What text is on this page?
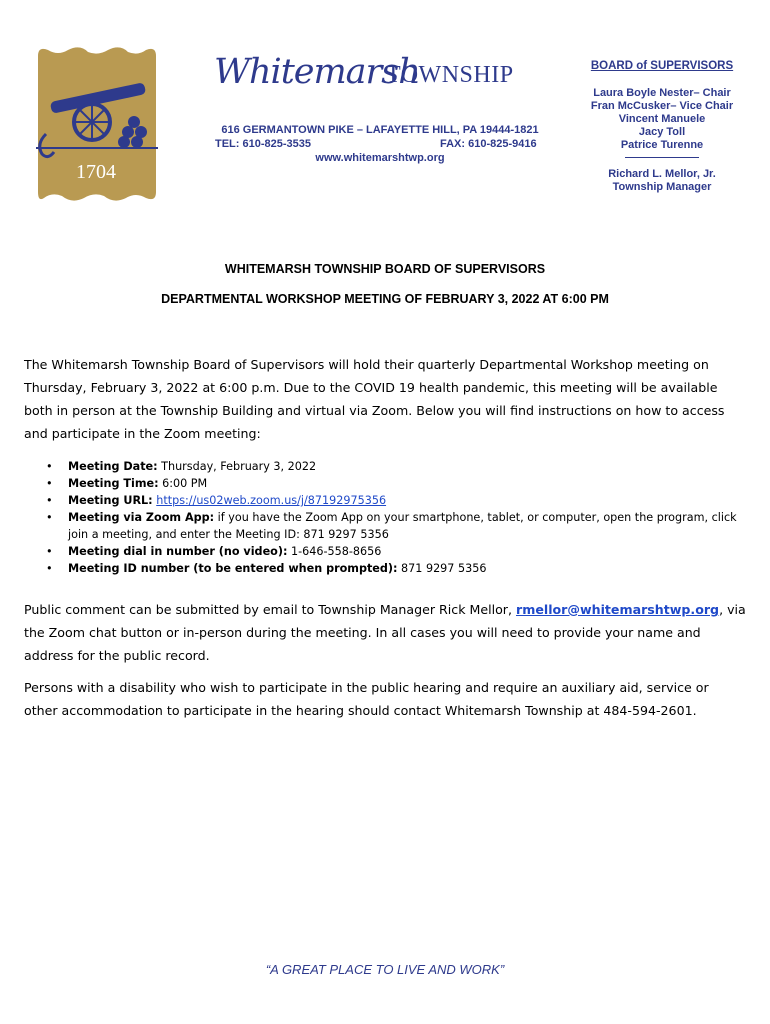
1704
Whitemarsh
TOWNSHIP
616 GERMANTOWN PIKE – LAFAYETTE HILL, PA 19444-1821
TEL: 610-825-3535	FAX: 610-825-9416
www.whitemarshtwp.org
BOARD of SUPERVISORS
Laura Boyle Nester– Chair
Fran McCusker– Vice Chair
Vincent Manuele
Jacy Toll
Patrice Turenne
Richard L. Mellor, Jr.
Township Manager
WHITEMARSH TOWNSHIP BOARD OF SUPERVISORS
DEPARTMENTAL WORKSHOP MEETING OF FEBRUARY 3, 2022 AT 6:00 PM
The Whitemarsh Township Board of Supervisors will hold their quarterly Departmental Workshop meeting on Thursday, February 3, 2022 at 6:00 p.m. Due to the COVID 19 health pandemic, this meeting will be available both in person at the Township Building and virtual via Zoom. Below you will find instructions on how to access and participate in the Zoom meeting:
• Meeting Date: Thursday, February 3, 2022
• Meeting Time: 6:00 PM
• Meeting URL: https://us02web.zoom.us/j/87192975356
• Meeting via Zoom App: if you have the Zoom App on your smartphone, tablet, or computer, open the program, click join a meeting, and enter the Meeting ID: 871 9297 5356
• Meeting dial in number (no video): 1-646-558-8656
• Meeting ID number (to be entered when prompted): 871 9297 5356
Public comment can be submitted by email to Township Manager Rick Mellor, rmellor@whitemarshtwp.org, via the Zoom chat button or in-person during the meeting. In all cases you will need to provide your name and address for the public record.
Persons with a disability who wish to participate in the public hearing and require an auxiliary aid, service or other accommodation to participate in the hearing should contact Whitemarsh Township at 484-594-2601.
“A GREAT PLACE TO LIVE AND WORK”
